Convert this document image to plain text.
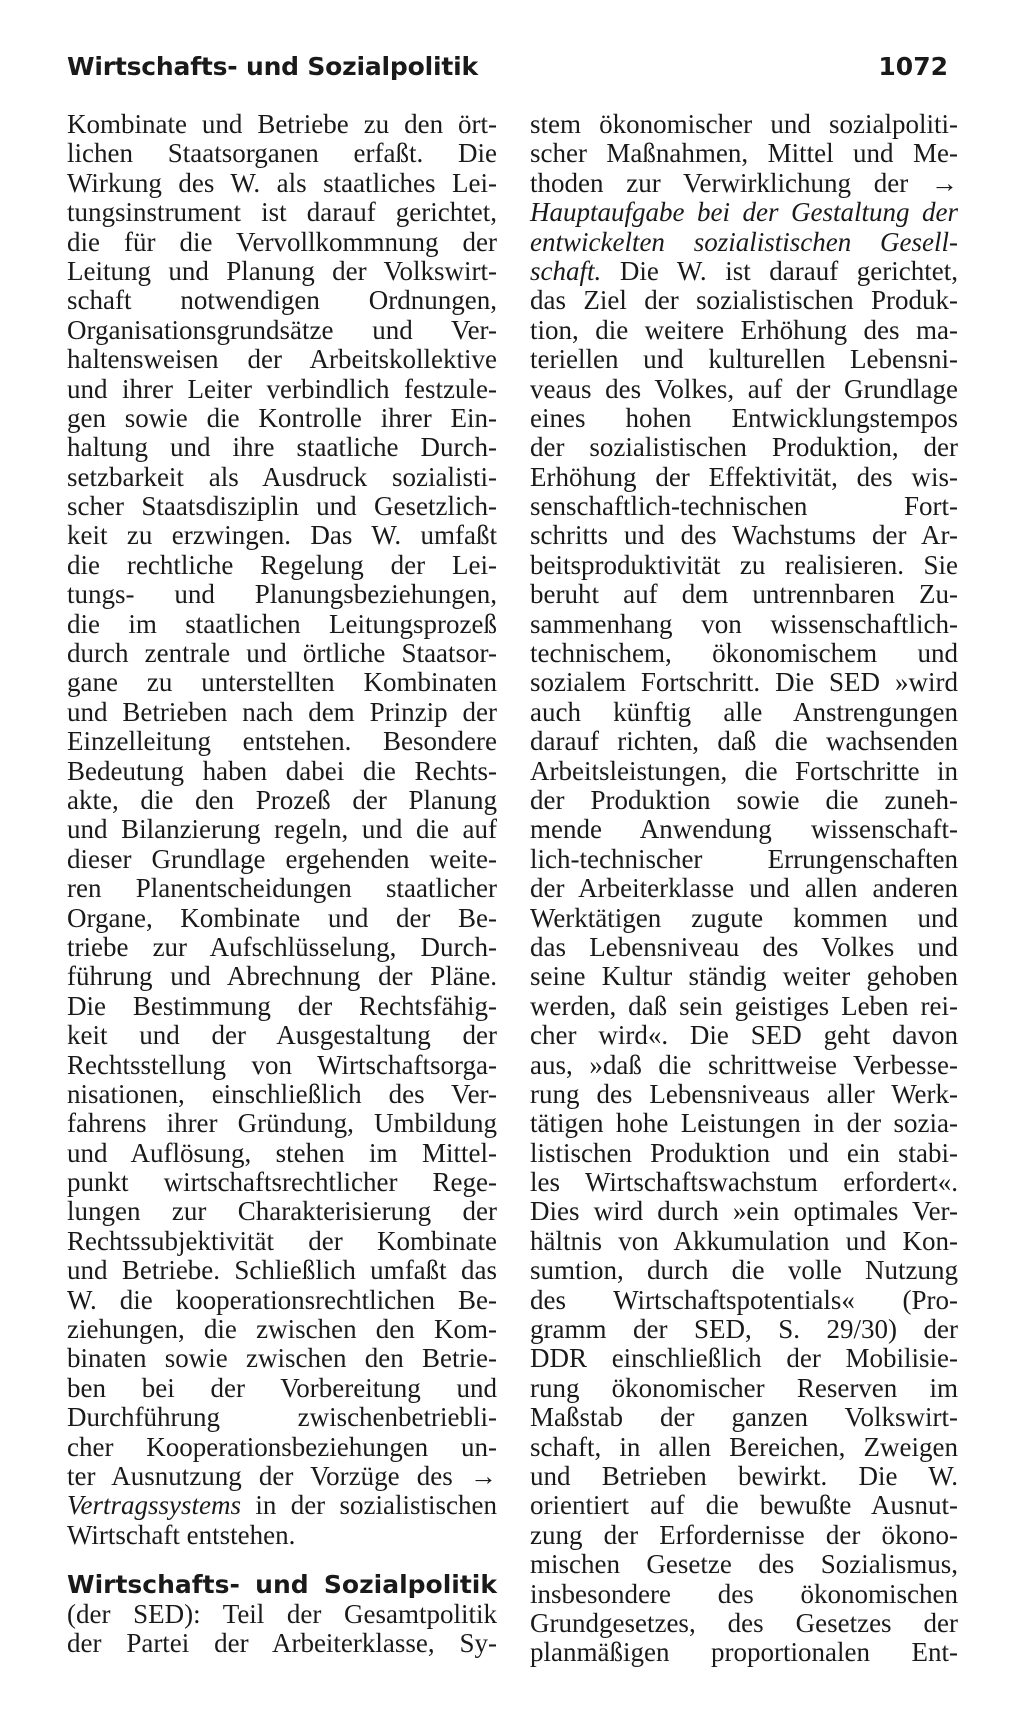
Wirtschafts- und Sozialpolitik	1072
Kombinate und Betriebe zu den ört-
lichen Staatsorganen erfaßt. Die
Wirkung des W. als staatliches Lei-
tungsinstrument ist darauf gerichtet,
die für die Vervollkommnung der
Leitung und Planung der Volkswirt-
schaft notwendigen Ordnungen,
Organisationsgrundsätze und Ver-
haltensweisen der Arbeitskollektive
und ihrer Leiter verbindlich festzule-
gen sowie die Kontrolle ihrer Ein-
haltung und ihre staatliche Durch-
setzbarkeit als Ausdruck sozialisti-
scher Staatsdisziplin und Gesetzlich-
keit zu erzwingen. Das W. umfaßt
die rechtliche Regelung der Lei-
tungs- und Planungsbeziehungen,
die im staatlichen Leitungsprozeß
durch zentrale und örtliche Staatsor-
gane zu unterstellten Kombinaten
und Betrieben nach dem Prinzip der
Einzelleitung entstehen. Besondere
Bedeutung haben dabei die Rechts-
akte, die den Prozeß der Planung
und Bilanzierung regeln, und die auf
dieser Grundlage ergehenden weite-
ren Planentscheidungen staatlicher
Organe, Kombinate und der Be-
triebe zur Aufschlüsselung, Durch-
führung und Abrechnung der Pläne.
Die Bestimmung der Rechtsfähig-
keit und der Ausgestaltung der
Rechtsstellung von Wirtschaftsorga-
nisationen, einschließlich des Ver-
fahrens ihrer Gründung, Umbildung
und Auflösung, stehen im Mittel-
punkt wirtschaftsrechtlicher Rege-
lungen zur Charakterisierung der
Rechtssubjektivität der Kombinate
und Betriebe. Schließlich umfaßt das
W. die kooperationsrechtlichen Be-
ziehungen, die zwischen den Kom-
binaten sowie zwischen den Betrie-
ben bei der Vorbereitung und
Durchführung zwischenbetriebli-
cher Kooperationsbeziehungen un-
ter Ausnutzung der Vorzüge des →
Vertragssystems in der sozialistischen
Wirtschaft entstehen.
Wirtschafts- und Sozialpolitik
(der SED): Teil der Gesamtpolitik
der Partei der Arbeiterklasse, Sy-
stem ökonomischer und sozialpoliti-
scher Maßnahmen, Mittel und Me-
thoden zur Verwirklichung der →
Hauptaufgabe bei der Gestaltung der
entwickelten sozialistischen Gesell-
schaft. Die W. ist darauf gerichtet,
das Ziel der sozialistischen Produk-
tion, die weitere Erhöhung des ma-
teriellen und kulturellen Lebensni-
veaus des Volkes, auf der Grundlage
eines hohen Entwicklungstempos
der sozialistischen Produktion, der
Erhöhung der Effektivität, des wis-
senschaftlich-technischen Fort-
schritts und des Wachstums der Ar-
beitsproduktivität zu realisieren. Sie
beruht auf dem untrennbaren Zu-
sammenhang von wissenschaftlich-
technischem, ökonomischem und
sozialem Fortschritt. Die SED »wird
auch künftig alle Anstrengungen
darauf richten, daß die wachsenden
Arbeitsleistungen, die Fortschritte in
der Produktion sowie die zuneh-
mende Anwendung wissenschaft-
lich-technischer Errungenschaften
der Arbeiterklasse und allen anderen
Werktätigen zugute kommen und
das Lebensniveau des Volkes und
seine Kultur ständig weiter gehoben
werden, daß sein geistiges Leben rei-
cher wird«. Die SED geht davon
aus, »daß die schrittweise Verbesse-
rung des Lebensniveaus aller Werk-
tätigen hohe Leistungen in der sozia-
listischen Produktion und ein stabi-
les Wirtschaftswachstum erfordert«.
Dies wird durch »ein optimales Ver-
hältnis von Akkumulation und Kon-
sumtion, durch die volle Nutzung
des Wirtschaftspotentials« (Pro-
gramm der SED, S. 29/30) der
DDR einschließlich der Mobilisie-
rung ökonomischer Reserven im
Maßstab der ganzen Volkswirt-
schaft, in allen Bereichen, Zweigen
und Betrieben bewirkt. Die W.
orientiert auf die bewußte Ausnut-
zung der Erfordernisse der ökono-
mischen Gesetze des Sozialismus,
insbesondere des ökonomischen
Grundgesetzes, des Gesetzes der
planmäßigen proportionalen Ent-
